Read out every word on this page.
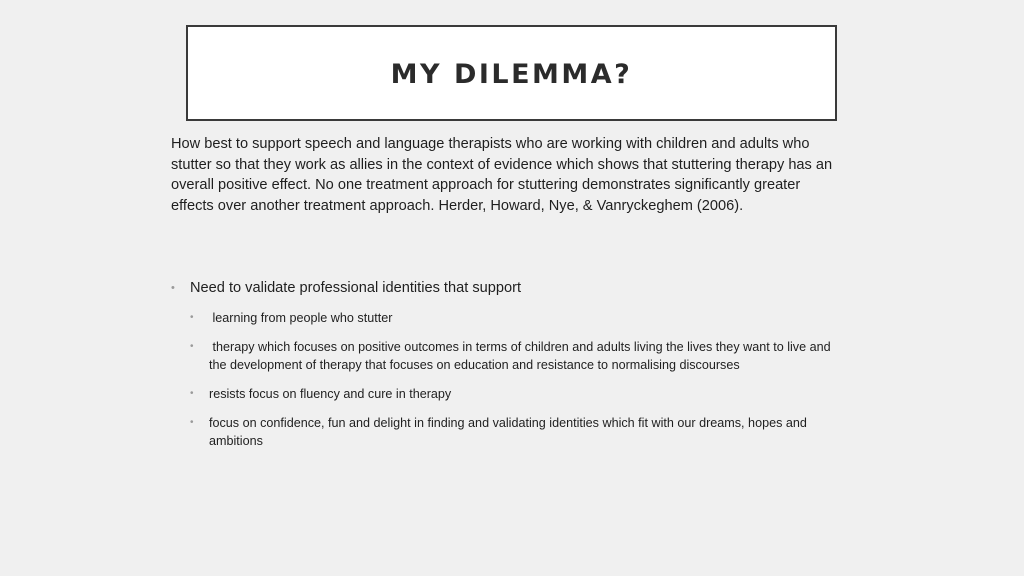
MY DILEMMA?

How best to support speech and language therapists who are working with children and adults who stutter so that they work as allies in the context of evidence which shows that stuttering therapy has an overall positive effect. No one treatment approach for stuttering demonstrates significantly greater effects over another treatment approach. Herder, Howard, Nye, & Vanryckeghem (2006).

• Need to validate professional identities that support
• learning from people who stutter
• therapy which focuses on positive outcomes in terms of children and adults living the lives they want to live and the development of therapy that focuses on education and resistance to normalising discourses
• resists focus on fluency and cure in therapy
• focus on confidence, fun and delight in finding and validating identities which fit with our dreams, hopes and ambitions
